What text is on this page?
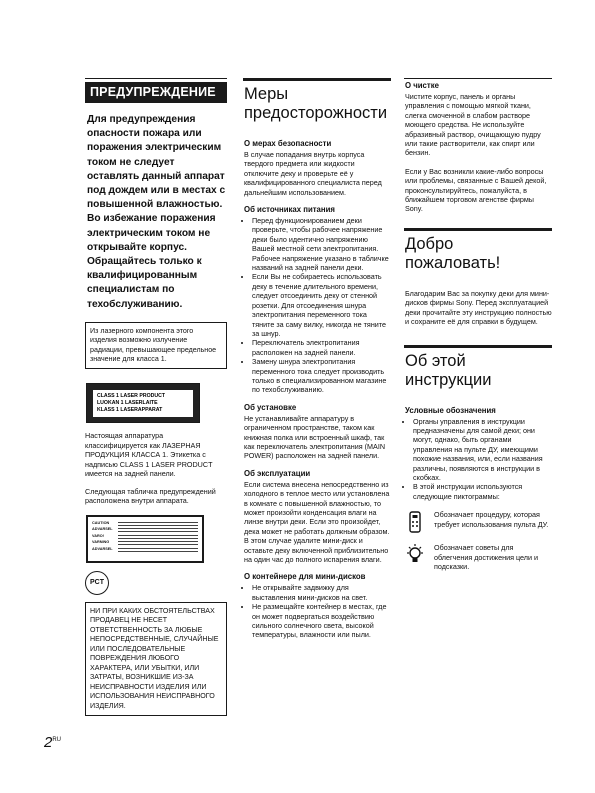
ПРЕДУПРЕЖДЕНИЕ
Для предупреждения опасности пожара или поражения электрическим током не следует оставлять данный аппарат под дождем или в местах с повышенной влажностью.
Во избежание поражения электрическим током не открывайте корпус. Обращайтесь только к квалифицированным специалистам по техобслуживанию.
Из лазерного компонента этого изделия возможно излучение радиации, превышающее предельное значение для класса 1.
CLASS 1 LASER PRODUCT
LUOKAN 1 LASERLAITE
KLASS 1 LASERAPPARAT
Настоящая аппаратура классифицируется как ЛАЗЕРНАЯ ПРОДУКЦИЯ КЛАССА 1. Этикетка с надписью CLASS 1 LASER PRODUCT имеется на задней панели.
Следующая табличка предупреждений расположена внутри аппарата.
CAUTION
ADVARSEL
VARO!
VARNING
ADVARSEL
PCT
НИ ПРИ КАКИХ ОБСТОЯТЕЛЬСТВАХ ПРОДАВЕЦ НЕ НЕСЕТ ОТВЕТСТВЕННОСТЬ ЗА ЛЮБЫЕ НЕПОСРЕДСТВЕННЫЕ, СЛУЧАЙНЫЕ ИЛИ ПОСЛЕДОВАТЕЛЬНЫЕ ПОВРЕЖДЕНИЯ ЛЮБОГО ХАРАКТЕРА, ИЛИ УБЫТКИ, ИЛИ ЗАТРАТЫ, ВОЗНИКШИЕ ИЗ-ЗА НЕИСПРАВНОСТИ ИЗДЕЛИЯ ИЛИ ИСПОЛЬЗОВАНИЯ НЕИСПРАВНОГО ИЗДЕЛИЯ.
Меры предосторожности
О мерах безопасности
В случае попадания внутрь корпуса твердого предмета или жидкости отключите деку и проверьте её у квалифицированного специалиста перед дальнейшим использованием.
Об источниках питания
• Перед функционированием деки проверьте, чтобы рабочее напряжение деки было идентично напряжению Вашей местной сети электропитания. Рабочее напряжение указано в табличке названий на задней панели деки.
• Если Вы не собираетесь использовать деку в течение длительного времени, следует отсоединить деку от стенной розетки. Для отсоединения шнура электропитания переменного тока тяните за саму вилку, никогда не тяните за шнур.
• Переключатель электропитания расположен на задней панели.
• Замену шнура электропитания переменного тока следует производить только в специализированном магазине по техобслуживанию.
Об установке
Не устанавливайте аппаратуру в ограниченном пространстве, таком как книжная полка или встроенный шкаф, так как переключатель электропитания (MAIN POWER) расположен на задней панели.
Об эксплуатации
Если система внесена непосредственно из холодного в теплое место или установлена в комнате с повышенной влажностью, то может произойти конденсация влаги на линзе внутри деки. Если это произойдет, дека может не работать должным образом. В этом случае удалите мини-диск и оставьте деку включенной приблизительно на один час до полного испарения влаги.
О контейнере для мини-дисков
• Не открывайте задвижку для выставления мини-дисков на свет.
• Не размещайте контейнер в местах, где он может подвергаться воздействию сильного солнечного света, высокой температуры, влажности или пыли.
О чистке
Чистите корпус, панель и органы управления с помощью мягкой ткани, слегка смоченной в слабом растворе моющего средства. Не используйте абразивный раствор, очищающую пудру или такие растворители, как спирт или бензин.
Если у Вас возникли какие-либо вопросы или проблемы, связанные с Вашей декой, проконсультируйтесь, пожалуйста, в ближайшем торговом агенстве фирмы Sony.
Добро пожаловать!
Благодарим Вас за покупку деки для мини-дисков фирмы Sony. Перед эксплуатацией деки прочитайте эту инструкцию полностью и сохраните её для справки в будущем.
Об этой инструкции
Условные обозначения
• Органы управления в инструкции предназначены для самой деки; они могут, однако, быть органами управления на пульте ДУ, имеющими похожие названия, или, если названия различны, появляются в инструкции в скобках.
• В этой инструкции используются следующие пиктограммы:
Обозначает процедуру, которая требует использования пульта ДУ.
Обозначает советы для облегчения достижения цели и подсказки.
$2^{RU}$
